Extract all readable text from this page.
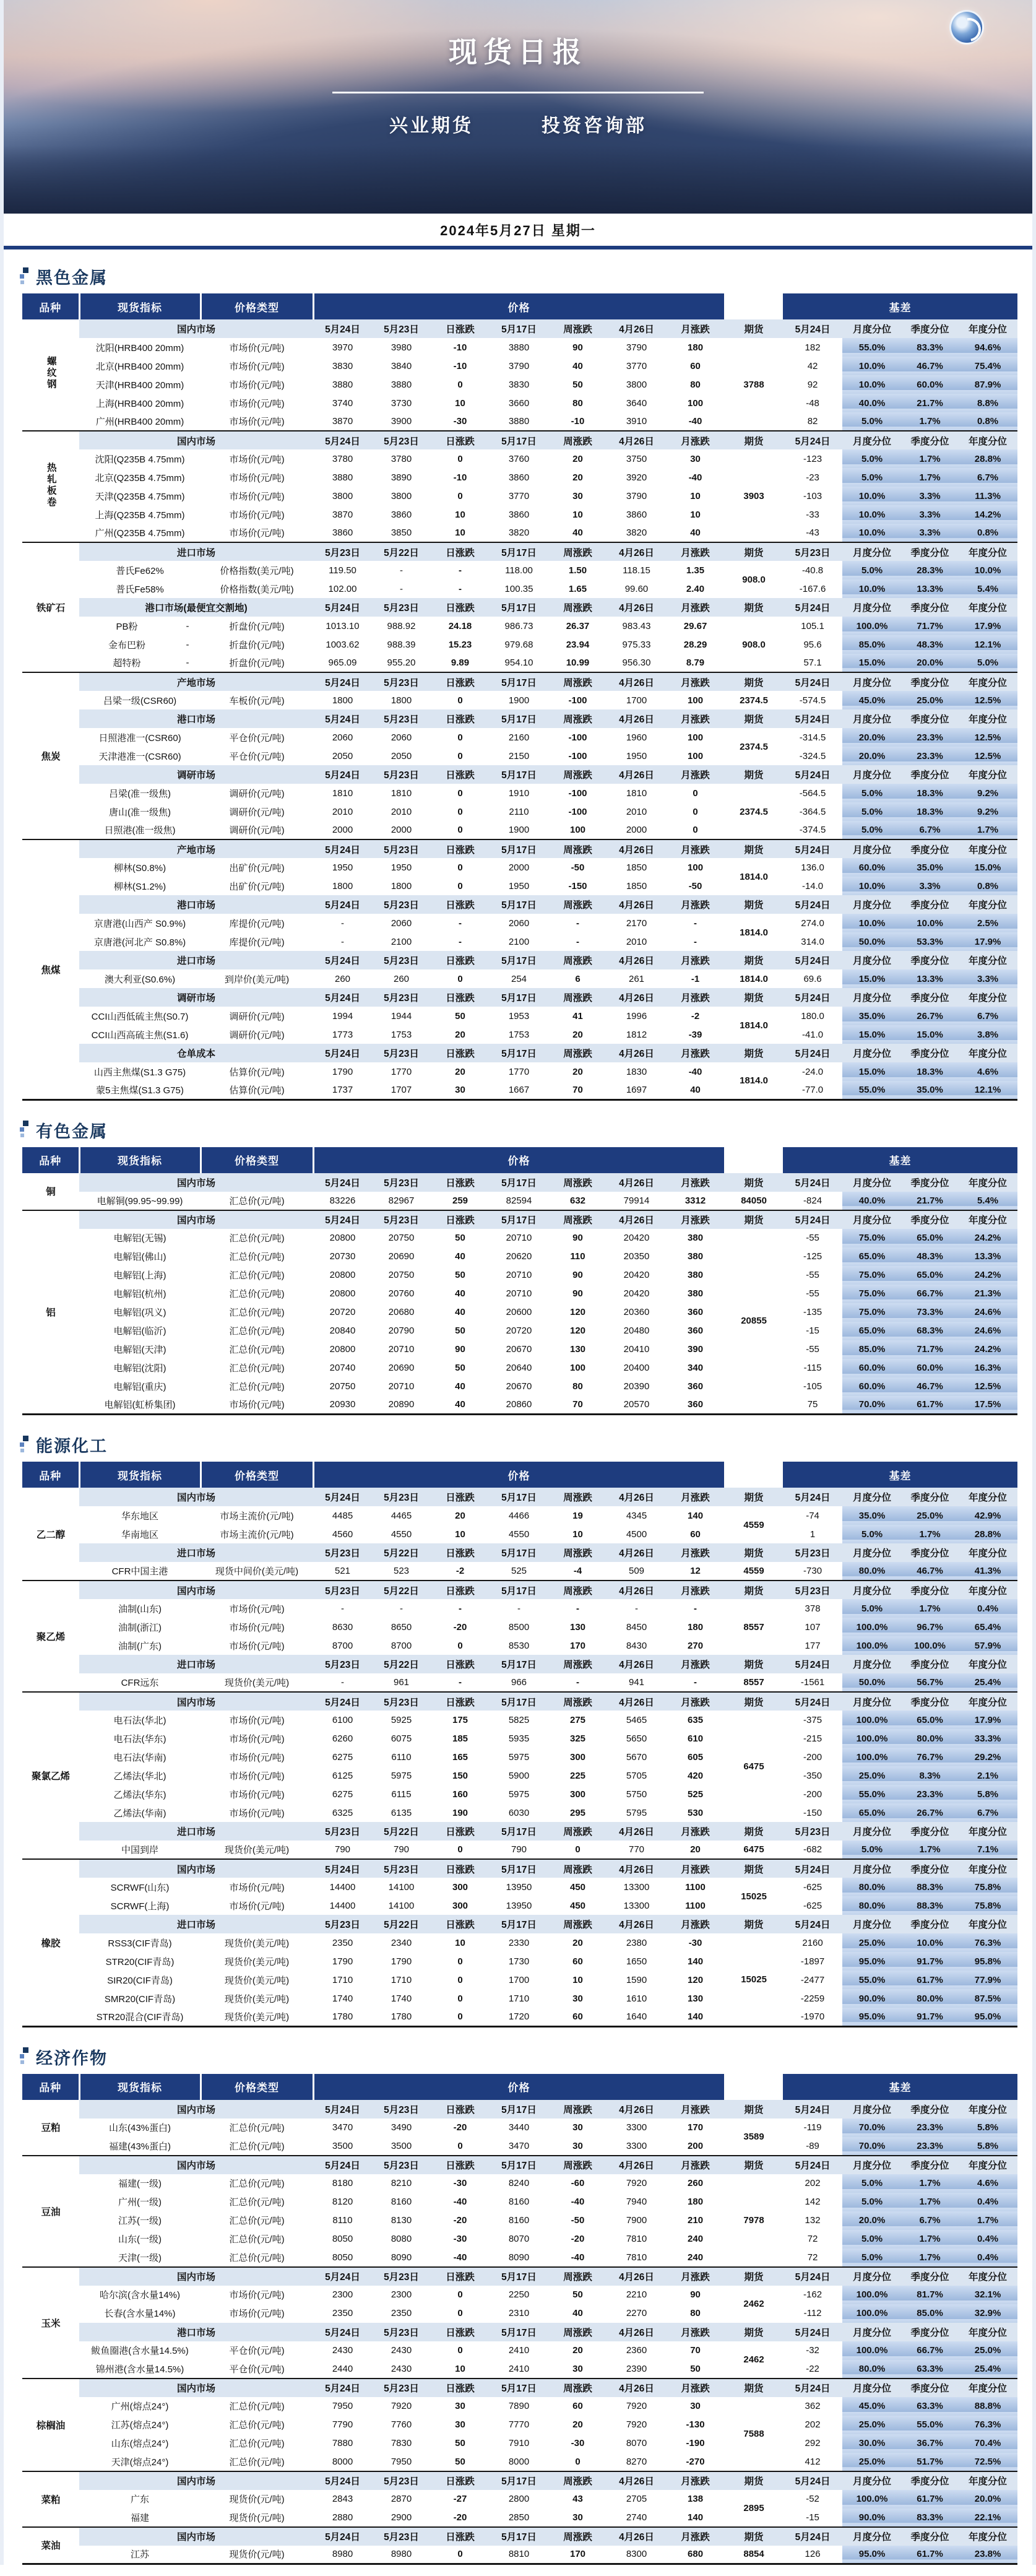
现货日报
兴业期货	投资咨询部
2024年5月27日 星期一
黑色金属
品种	现货指标	价格类型	价格								基差			
螺纹钢	国内市场		5月24日	5月23日	日涨跌	5月17日	周涨跌	4月26日	月涨跌	期货	5月24日	月度分位	季度分位	年度分位
	沈阳(HRB400 20mm)	市场价(元/吨)	3970	3980	-10	3880	90	3790	180		182	55.0%	83.3%	94.6%
	北京(HRB400 20mm)	市场价(元/吨)	3830	3840	-10	3790	40	3770	60		42	10.0%	46.7%	75.4%
	天津(HRB400 20mm)	市场价(元/吨)	3880	3880	0	3830	50	3800	80	3788	92	10.0%	60.0%	87.9%
	上海(HRB400 20mm)	市场价(元/吨)	3740	3730	10	3660	80	3640	100		-48	40.0%	21.7%	8.8%
	广州(HRB400 20mm)	市场价(元/吨)	3870	3900	-30	3880	-10	3910	-40		82	5.0%	1.7%	0.8%
热轧板卷	国内市场		5月24日	5月23日	日涨跌	5月17日	周涨跌	4月26日	月涨跌	期货	5月24日	月度分位	季度分位	年度分位
	沈阳(Q235B 4.75mm)	市场价(元/吨)	3780	3780	0	3760	20	3750	30		-123	5.0%	1.7%	28.8%
	北京(Q235B 4.75mm)	市场价(元/吨)	3880	3890	-10	3860	20	3920	-40		-23	5.0%	1.7%	6.7%
	天津(Q235B 4.75mm)	市场价(元/吨)	3800	3800	0	3770	30	3790	10	3903	-103	10.0%	3.3%	11.3%
	上海(Q235B 4.75mm)	市场价(元/吨)	3870	3860	10	3860	10	3860	10		-33	10.0%	3.3%	14.2%
	广州(Q235B 4.75mm)	市场价(元/吨)	3860	3850	10	3820	40	3820	40		-43	10.0%	3.3%	0.8%
铁矿石	进口市场		5月23日	5月22日	日涨跌	5月17日	周涨跌	4月26日	月涨跌	期货	5月23日	月度分位	季度分位	年度分位
	普氏Fe62%	价格指数(美元/吨)	119.50	-	-	118.00	1.50	118.15	1.35	908.0	-40.8	5.0%	28.3%	10.0%
	普氏Fe58%	价格指数(美元/吨)	102.00	-	-	100.35	1.65	99.60	2.40		-167.6	10.0%	13.3%	5.4%
	港口市场(最便宜交割地)		5月24日	5月23日	日涨跌	5月17日	周涨跌	4月26日	月涨跌	期货	5月24日	月度分位	季度分位	年度分位

	PB粉 -	折盘价(元/吨)	1013.10	988.92	24.18	986.73	26.37	983.43	29.67		105.1	100.0%	71.7%	17.9%

	金布巴粉 -	折盘价(元/吨)	1003.62	988.39	15.23	979.68	23.94	975.33	28.29	908.0	95.6	85.0%	48.3%	12.1%

	超特粉 -	折盘价(元/吨)	965.09	955.20	9.89	954.10	10.99	956.30	8.79		57.1	15.0%	20.0%	5.0%
焦炭	产地市场		5月24日	5月23日	日涨跌	5月17日	周涨跌	4月26日	月涨跌	期货	5月24日	月度分位	季度分位	年度分位
	吕梁一级(CSR60)	车板价(元/吨)	1800	1800	0	1900	-100	1700	100	2374.5	-574.5	45.0%	25.0%	12.5%
	港口市场		5月24日	5月23日	日涨跌	5月17日	周涨跌	4月26日	月涨跌	期货	5月24日	月度分位	季度分位	年度分位
	日照港准一(CSR60)	平仓价(元/吨)	2060	2060	0	2160	-100	1960	100	2374.5	-314.5	20.0%	23.3%	12.5%
	天津港准一(CSR60)	平仓价(元/吨)	2050	2050	0	2150	-100	1950	100		-324.5	20.0%	23.3%	12.5%
	调研市场		5月24日	5月23日	日涨跌	5月17日	周涨跌	4月26日	月涨跌	期货	5月24日	月度分位	季度分位	年度分位
	吕梁(准一级焦)	调研价(元/吨)	1810	1810	0	1910	-100	1810	0		-564.5	5.0%	18.3%	9.2%
	唐山(准一级焦)	调研价(元/吨)	2010	2010	0	2110	-100	2010	0	2374.5	-364.5	5.0%	18.3%	9.2%
	日照港(准一级焦)	调研价(元/吨)	2000	2000	0	1900	100	2000	0		-374.5	5.0%	6.7%	1.7%
焦煤	产地市场		5月24日	5月23日	日涨跌	5月17日	周涨跌	4月26日	月涨跌	期货	5月24日	月度分位	季度分位	年度分位
	柳林(S0.8%)	出矿价(元/吨)	1950	1950	0	2000	-50	1850	100	1814.0	136.0	60.0%	35.0%	15.0%
	柳林(S1.2%)	出矿价(元/吨)	1800	1800	0	1950	-150	1850	-50		-14.0	10.0%	3.3%	0.8%
	港口市场		5月24日	5月23日	日涨跌	5月17日	周涨跌	4月26日	月涨跌	期货	5月24日	月度分位	季度分位	年度分位
	京唐港(山西产 S0.9%)	库提价(元/吨)	-	2060	-	2060	-	2170	-	1814.0	274.0	10.0%	10.0%	2.5%
	京唐港(河北产 S0.8%)	库提价(元/吨)	-	2100	-	2100	-	2010	-		314.0	50.0%	53.3%	17.9%
	进口市场		5月24日	5月23日	日涨跌	5月17日	周涨跌	4月26日	月涨跌	期货	5月24日	月度分位	季度分位	年度分位
	澳大利亚(S0.6%)	到岸价(美元/吨)	260	260	0	254	6	261	-1	1814.0	69.6	15.0%	13.3%	3.3%
	调研市场		5月24日	5月23日	日涨跌	5月17日	周涨跌	4月26日	月涨跌	期货	5月24日	月度分位	季度分位	年度分位
	CCI山西低硫主焦(S0.7)	调研价(元/吨)	1994	1944	50	1953	41	1996	-2	1814.0	180.0	35.0%	26.7%	6.7%
	CCI山西高硫主焦(S1.6)	调研价(元/吨)	1773	1753	20	1753	20	1812	-39		-41.0	15.0%	15.0%	3.8%
	仓单成本		5月24日	5月23日	日涨跌	5月17日	周涨跌	4月26日	月涨跌	期货	5月24日	月度分位	季度分位	年度分位
	山西主焦煤(S1.3 G75)	估算价(元/吨)	1790	1770	20	1770	20	1830	-40	1814.0	-24.0	15.0%	18.3%	4.6%
	蒙5主焦煤(S1.3 G75)	估算价(元/吨)	1737	1707	30	1667	70	1697	40		-77.0	55.0%	35.0%	12.1%
有色金属
品种	现货指标	价格类型	价格								基差			
铜	国内市场		5月24日	5月23日	日涨跌	5月17日	周涨跌	4月26日	月涨跌	期货	5月24日	月度分位	季度分位	年度分位
	电解铜(99.95~99.99)	汇总价(元/吨)	83226	82967	259	82594	632	79914	3312	84050	-824	40.0%	21.7%	5.4%
铝	国内市场		5月24日	5月23日	日涨跌	5月17日	周涨跌	4月26日	月涨跌	期货	5月24日	月度分位	季度分位	年度分位
	电解铝(无锡)	汇总价(元/吨)	20800	20750	50	20710	90	20420	380	20855	-55	75.0%	65.0%	24.2%
	电解铝(佛山)	汇总价(元/吨)	20730	20690	40	20620	110	20350	380		-125	65.0%	48.3%	13.3%
	电解铝(上海)	汇总价(元/吨)	20800	20750	50	20710	90	20420	380		-55	75.0%	65.0%	24.2%
	电解铝(杭州)	汇总价(元/吨)	20800	20760	40	20710	90	20420	380		-55	75.0%	66.7%	21.3%
	电解铝(巩义)	汇总价(元/吨)	20720	20680	40	20600	120	20360	360		-135	75.0%	73.3%	24.6%
	电解铝(临沂)	汇总价(元/吨)	20840	20790	50	20720	120	20480	360		-15	65.0%	68.3%	24.6%
	电解铝(天津)	汇总价(元/吨)	20800	20710	90	20670	130	20410	390		-55	85.0%	71.7%	24.2%
	电解铝(沈阳)	汇总价(元/吨)	20740	20690	50	20640	100	20400	340		-115	60.0%	60.0%	16.3%
	电解铝(重庆)	汇总价(元/吨)	20750	20710	40	20670	80	20390	360		-105	60.0%	46.7%	12.5%
	电解铝(虹桥集团)	市场价(元/吨)	20930	20890	40	20860	70	20570	360		75	70.0%	61.7%	17.5%
能源化工
品种	现货指标	价格类型	价格								基差			
乙二醇	国内市场		5月24日	5月23日	日涨跌	5月17日	周涨跌	4月26日	月涨跌	期货	5月24日	月度分位	季度分位	年度分位
	华东地区	市场主流价(元/吨)	4485	4465	20	4466	19	4345	140	4559	-74	35.0%	25.0%	42.9%
	华南地区	市场主流价(元/吨)	4560	4550	10	4550	10	4500	60		1	5.0%	1.7%	28.8%
	进口市场		5月23日	5月22日	日涨跌	5月17日	周涨跌	4月26日	月涨跌	期货	5月23日	月度分位	季度分位	年度分位
	CFR中国主港	现货中间价(美元/吨)	521	523	-2	525	-4	509	12	4559	-730	80.0%	46.7%	41.3%
聚乙烯	国内市场		5月23日	5月22日	日涨跌	5月17日	周涨跌	4月26日	月涨跌	期货	5月23日	月度分位	季度分位	年度分位
	油制(山东)	市场价(元/吨)	-	-	-	-	-	-	-		378	5.0%	1.7%	0.4%
	油制(浙江)	市场价(元/吨)	8630	8650	-20	8500	130	8450	180	8557	107	100.0%	96.7%	65.4%
	油制(广东)	市场价(元/吨)	8700	8700	0	8530	170	8430	270		177	100.0%	100.0%	57.9%
	进口市场		5月23日	5月22日	日涨跌	5月17日	周涨跌	4月26日	月涨跌	期货	5月24日	月度分位	季度分位	年度分位
	CFR远东	现货价(美元/吨)	-	961	-	966	-	941	-	8557	-1561	50.0%	56.7%	25.4%
聚氯乙烯	国内市场		5月24日	5月23日	日涨跌	5月17日	周涨跌	4月26日	月涨跌	期货	5月24日	月度分位	季度分位	年度分位
	电石法(华北)	市场价(元/吨)	6100	5925	175	5825	275	5465	635	6475	-375	100.0%	65.0%	17.9%
	电石法(华东)	市场价(元/吨)	6260	6075	185	5935	325	5650	610		-215	100.0%	80.0%	33.3%
	电石法(华南)	市场价(元/吨)	6275	6110	165	5975	300	5670	605		-200	100.0%	76.7%	29.2%
	乙烯法(华北)	市场价(元/吨)	6125	5975	150	5900	225	5705	420		-350	25.0%	8.3%	2.1%
	乙烯法(华东)	市场价(元/吨)	6275	6115	160	5975	300	5750	525		-200	55.0%	23.3%	5.8%
	乙烯法(华南)	市场价(元/吨)	6325	6135	190	6030	295	5795	530		-150	65.0%	26.7%	6.7%
	进口市场		5月23日	5月22日	日涨跌	5月17日	周涨跌	4月26日	月涨跌	期货	5月23日	月度分位	季度分位	年度分位
	中国到岸	现货价(美元/吨)	790	790	0	790	0	770	20	6475	-682	5.0%	1.7%	7.1%
橡胶	国内市场		5月24日	5月23日	日涨跌	5月17日	周涨跌	4月26日	月涨跌	期货	5月24日	月度分位	季度分位	年度分位
	SCRWF(山东)	市场价(元/吨)	14400	14100	300	13950	450	13300	1100	15025	-625	80.0%	88.3%	75.8%
	SCRWF(上海)	市场价(元/吨)	14400	14100	300	13950	450	13300	1100		-625	80.0%	88.3%	75.8%
	进口市场		5月23日	5月22日	日涨跌	5月17日	周涨跌	4月26日	月涨跌	期货	5月24日	月度分位	季度分位	年度分位
	RSS3(CIF青岛)	现货价(美元/吨)	2350	2340	10	2330	20	2380	-30	15025	2160	25.0%	10.0%	76.3%
	STR20(CIF青岛)	现货价(美元/吨)	1790	1790	0	1730	60	1650	140		-1897	95.0%	91.7%	95.8%
	SIR20(CIF青岛)	现货价(美元/吨)	1710	1710	0	1700	10	1590	120		-2477	55.0%	61.7%	77.9%
	SMR20(CIF青岛)	现货价(美元/吨)	1740	1740	0	1710	30	1610	130		-2259	90.0%	80.0%	87.5%
	STR20混合(CIF青岛)	现货价(美元/吨)	1780	1780	0	1720	60	1640	140		-1970	95.0%	91.7%	95.0%
经济作物
品种	现货指标	价格类型	价格								基差			
豆粕	国内市场		5月24日	5月23日	日涨跌	5月17日	周涨跌	4月26日	月涨跌	期货	5月24日	月度分位	季度分位	年度分位
	山东(43%蛋白)	汇总价(元/吨)	3470	3490	-20	3440	30	3300	170	3589	-119	70.0%	23.3%	5.8%
	福建(43%蛋白)	汇总价(元/吨)	3500	3500	0	3470	30	3300	200		-89	70.0%	23.3%	5.8%
豆油	国内市场		5月24日	5月23日	日涨跌	5月17日	周涨跌	4月26日	月涨跌	期货	5月24日	月度分位	季度分位	年度分位
	福建(一级)	汇总价(元/吨)	8180	8210	-30	8240	-60	7920	260	7978	202	5.0%	1.7%	4.6%
	广州(一级)	汇总价(元/吨)	8120	8160	-40	8160	-40	7940	180		142	5.0%	1.7%	0.4%
	江苏(一级)	汇总价(元/吨)	8110	8130	-20	8160	-50	7900	210		132	20.0%	6.7%	1.7%
	山东(一级)	汇总价(元/吨)	8050	8080	-30	8070	-20	7810	240		72	5.0%	1.7%	0.4%
	天津(一级)	汇总价(元/吨)	8050	8090	-40	8090	-40	7810	240		72	5.0%	1.7%	0.4%
玉米	国内市场		5月24日	5月23日	日涨跌	5月17日	周涨跌	4月26日	月涨跌	期货	5月24日	月度分位	季度分位	年度分位
	哈尔滨(含水量14%)	市场价(元/吨)	2300	2300	0	2250	50	2210	90	2462	-162	100.0%	81.7%	32.1%
	长春(含水量14%)	市场价(元/吨)	2350	2350	0	2310	40	2270	80		-112	100.0%	85.0%	32.9%
	港口市场		5月24日	5月23日	日涨跌	5月17日	周涨跌	4月26日	月涨跌	期货	5月24日	月度分位	季度分位	年度分位
	鲅鱼圈港(含水量14.5%)	平仓价(元/吨)	2430	2430	0	2410	20	2360	70	2462	-32	100.0%	66.7%	25.0%
	锦州港(含水量14.5%)	平仓价(元/吨)	2440	2430	10	2410	30	2390	50		-22	80.0%	63.3%	25.4%
棕榈油	国内市场		5月24日	5月23日	日涨跌	5月17日	周涨跌	4月26日	月涨跌	期货	5月24日	月度分位	季度分位	年度分位
	广州(熔点24°)	汇总价(元/吨)	7950	7920	30	7890	60	7920	30	7588	362	45.0%	63.3%	88.8%
	江苏(熔点24°)	汇总价(元/吨)	7790	7760	30	7770	20	7920	-130		202	25.0%	55.0%	76.3%
	山东(熔点24°)	汇总价(元/吨)	7880	7830	50	7910	-30	8070	-190		292	30.0%	36.7%	70.4%
	天津(熔点24°)	汇总价(元/吨)	8000	7950	50	8000	0	8270	-270		412	25.0%	51.7%	72.5%
菜粕	国内市场		5月24日	5月23日	日涨跌	5月17日	周涨跌	4月26日	月涨跌	期货	5月24日	月度分位	季度分位	年度分位
	广东	现货价(元/吨)	2843	2870	-27	2800	43	2705	138	2895	-52	100.0%	61.7%	20.0%
	福建	现货价(元/吨)	2880	2900	-20	2850	30	2740	140		-15	90.0%	83.3%	22.1%
菜油	国内市场		5月24日	5月23日	日涨跌	5月17日	周涨跌	4月26日	月涨跌	期货	5月24日	月度分位	季度分位	年度分位
	江苏	现货价(元/吨)	8980	8980	0	8810	170	8300	680	8854	126	95.0%	61.7%	23.8%
